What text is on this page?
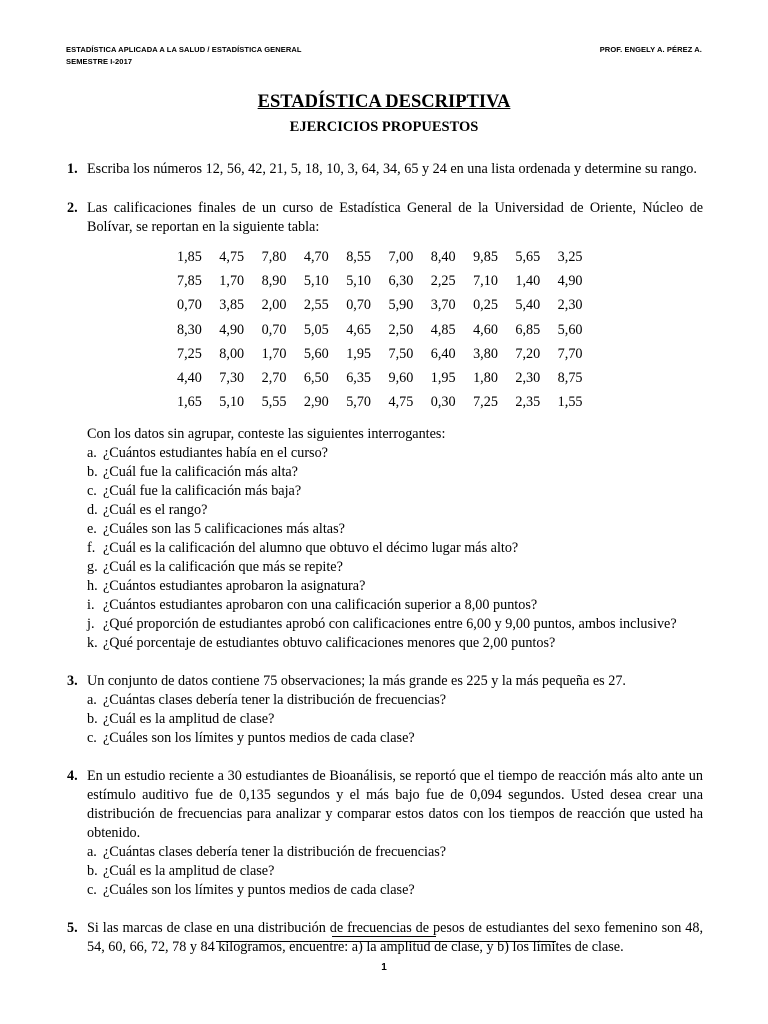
ESTADÍSTICA APLICADA A LA SALUD / ESTADÍSTICA GENERAL	PROF. ENGELY A. PÉREZ A.
SEMESTRE I-2017
ESTADÍSTICA DESCRIPTIVA
EJERCICIOS PROPUESTOS
1. Escriba los números 12, 56, 42, 21, 5, 18, 10, 3, 64, 34, 65 y 24 en una lista ordenada y determine su rango.

2. Las calificaciones finales de un curso de Estadística General de la Universidad de Oriente, Núcleo de Bolívar, se reportan en la siguiente tabla:

1,85	4,75	7,80	4,70	8,55	7,00	8,40	9,85	5,65	3,25
7,85	1,70	8,90	5,10	5,10	6,30	2,25	7,10	1,40	4,90
0,70	3,85	2,00	2,55	0,70	5,90	3,70	0,25	5,40	2,30
8,30	4,90	0,70	5,05	4,65	2,50	4,85	4,60	6,85	5,60
7,25	8,00	1,70	5,60	1,95	7,50	6,40	3,80	7,20	7,70
4,40	7,30	2,70	6,50	6,35	9,60	1,95	1,80	2,30	8,75
1,65	5,10	5,55	2,90	5,70	4,75	0,30	7,25	2,35	1,55

Con los datos sin agrupar, conteste las siguientes interrogantes:

a. ¿Cuántos estudiantes había en el curso?
b. ¿Cuál fue la calificación más alta?
c. ¿Cuál fue la calificación más baja?
d. ¿Cuál es el rango?
e. ¿Cuáles son las 5 calificaciones más altas?
f. ¿Cuál es la calificación del alumno que obtuvo el décimo lugar más alto?
g. ¿Cuál es la calificación que más se repite?
h. ¿Cuántos estudiantes aprobaron la asignatura?
i. ¿Cuántos estudiantes aprobaron con una calificación superior a 8,00 puntos?
j. ¿Qué proporción de estudiantes aprobó con calificaciones entre 6,00 y 9,00 puntos, ambos inclusive?
k. ¿Qué porcentaje de estudiantes obtuvo calificaciones menores que 2,00 puntos?
3. Un conjunto de datos contiene 75 observaciones; la más grande es 225 y la más pequeña es 27.

a. ¿Cuántas clases debería tener la distribución de frecuencias?
b. ¿Cuál es la amplitud de clase?
c. ¿Cuáles son los límites y puntos medios de cada clase?
4. En un estudio reciente a 30 estudiantes de Bioanálisis, se reportó que el tiempo de reacción más alto ante un estímulo auditivo fue de 0,135 segundos y el más bajo fue de 0,094 segundos. Usted desea crear una distribución de frecuencias para analizar y comparar estos datos con los tiempos de reacción que usted ha obtenido.

a. ¿Cuántas clases debería tener la distribución de frecuencias?
b. ¿Cuál es la amplitud de clase?
c. ¿Cuáles son los límites y puntos medios de cada clase?
5. Si las marcas de clase en una distribución de frecuencias de pesos de estudiantes del sexo femenino son 48, 54, 60, 66, 72, 78 y 84 kilogramos, encuentre: a) la amplitud de clase, y b) los límites de clase.

1
